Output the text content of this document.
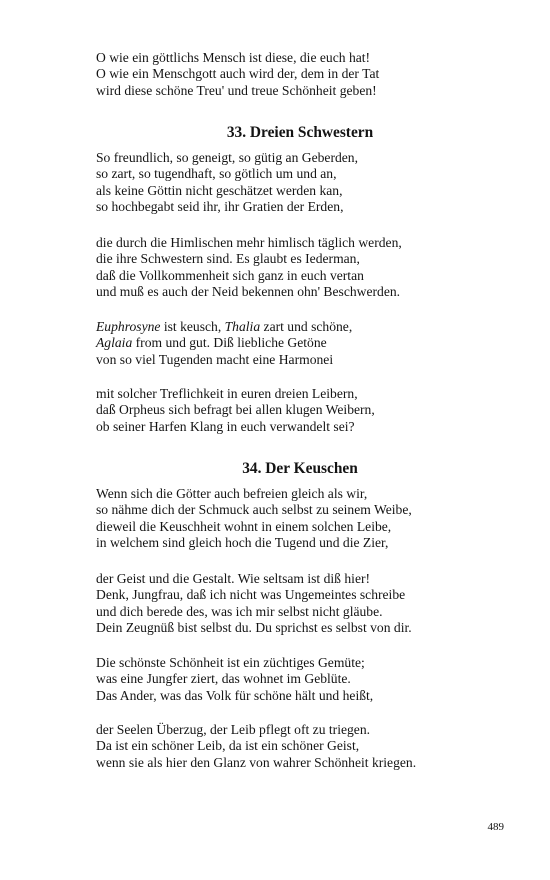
O wie ein göttlichs Mensch ist diese, die euch hat!
O wie ein Menschgott auch wird der, dem in der Tat
wird diese schöne Treu' und treue Schönheit geben!
33. Dreien Schwestern
So freundlich, so geneigt, so gütig an Geberden,
so zart, so tugendhaft, so götlich um und an,
als keine Göttin nicht geschätzet werden kan,
so hochbegabt seid ihr, ihr Gratien der Erden,
die durch die Himlischen mehr himlisch täglich werden,
die ihre Schwestern sind. Es glaubt es Iederman,
daß die Vollkommenheit sich ganz in euch vertan
und muß es auch der Neid bekennen ohn' Beschwerden.
Euphrosyne ist keusch, Thalia zart und schöne,
Aglaia from und gut. Diß liebliche Getöne
von so viel Tugenden macht eine Harmonei
mit solcher Treflichkeit in euren dreien Leibern,
daß Orpheus sich befragt bei allen klugen Weibern,
ob seiner Harfen Klang in euch verwandelt sei?
34. Der Keuschen
Wenn sich die Götter auch befreien gleich als wir,
so nähme dich der Schmuck auch selbst zu seinem Weibe,
dieweil die Keuschheit wohnt in einem solchen Leibe,
in welchem sind gleich hoch die Tugend und die Zier,
der Geist und die Gestalt. Wie seltsam ist diß hier!
Denk, Jungfrau, daß ich nicht was Ungemeintes schreibe
und dich berede des, was ich mir selbst nicht gläube.
Dein Zeugnüß bist selbst du. Du sprichst es selbst von dir.
Die schönste Schönheit ist ein züchtiges Gemüte;
was eine Jungfer ziert, das wohnet im Geblüte.
Das Ander, was das Volk für schöne hält und heißt,
der Seelen Überzug, der Leib pflegt oft zu triegen.
Da ist ein schöner Leib, da ist ein schöner Geist,
wenn sie als hier den Glanz von wahrer Schönheit kriegen.
489
